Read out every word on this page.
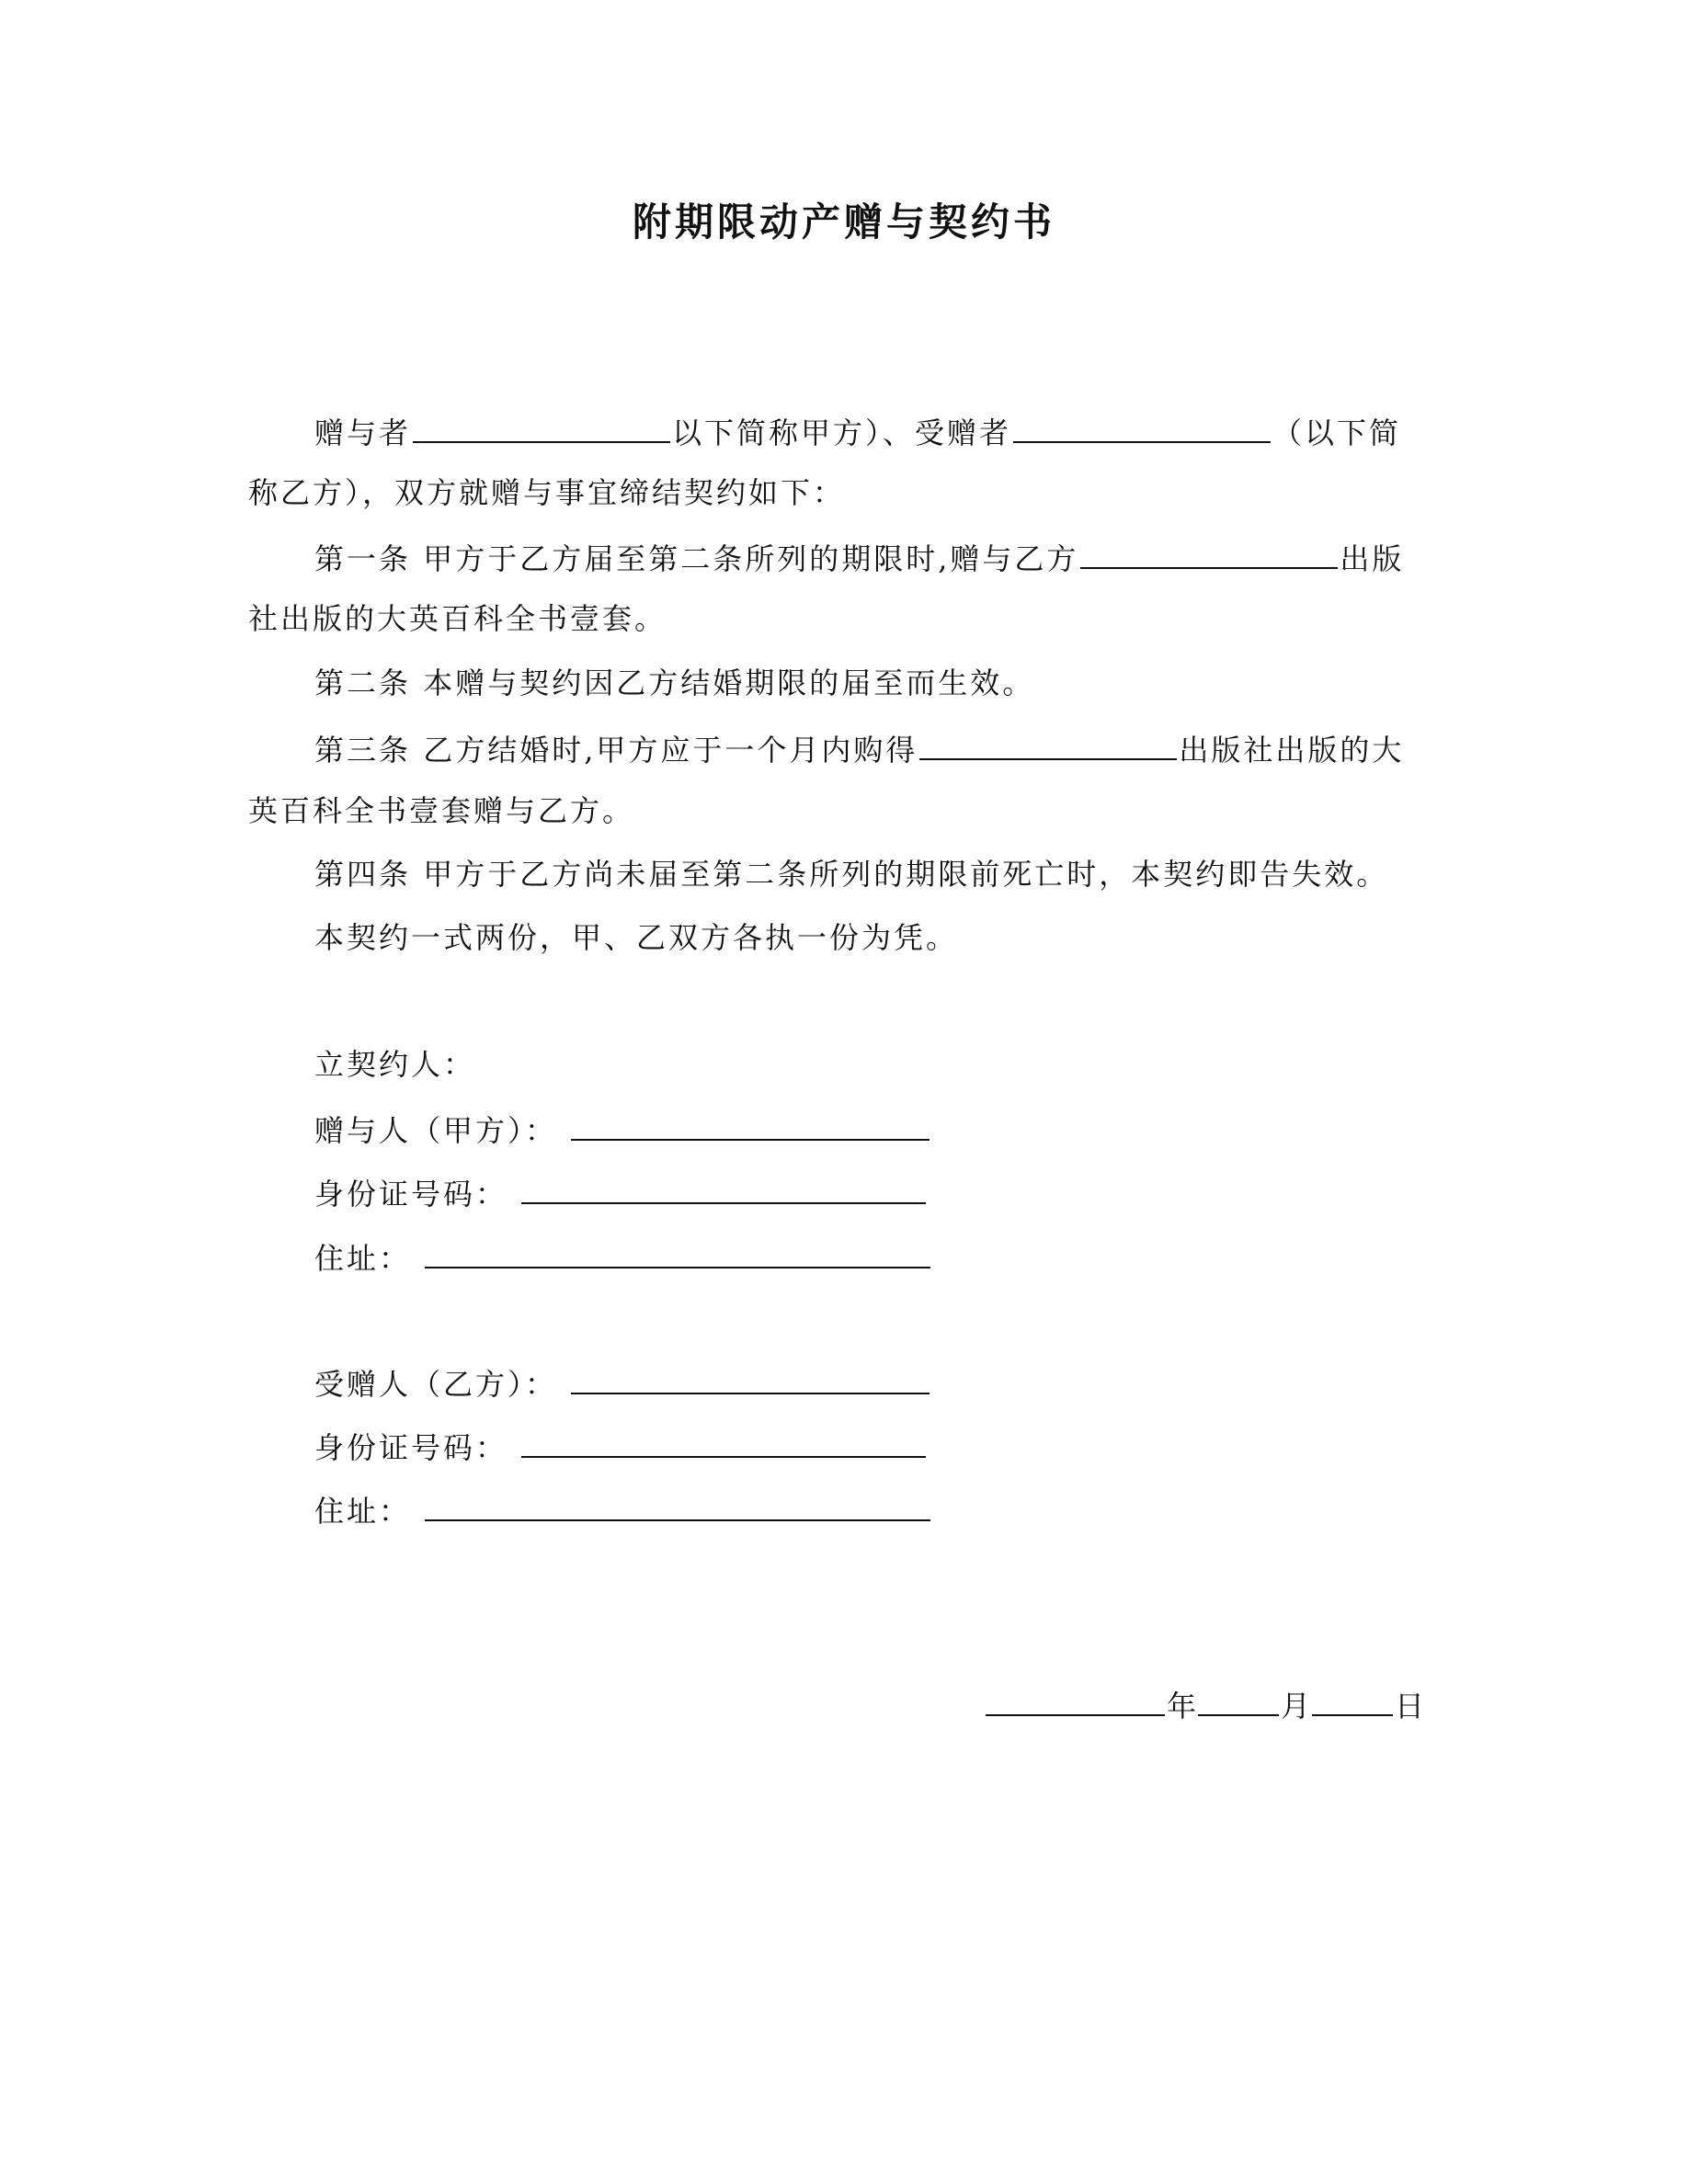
附期限动产赠与契约书
赠与者	以下简称甲方）、受赠者	（以下简
称乙方），双方就赠与事宜缔结契约如下：
第一条 甲方于乙方届至第二条所列的期限时,赠与乙方	出版
社出版的大英百科全书壹套。
第二条 本赠与契约因乙方结婚期限的届至而生效。
第三条 乙方结婚时,甲方应于一个月内购得	出版社出版的大
英百科全书壹套赠与乙方。
第四条 甲方于乙方尚未届至第二条所列的期限前死亡时，本契约即告失效。
本契约一式两份，甲、乙双方各执一份为凭。
立契约人：
赠与人（甲方）：
身份证号码：
住址：
受赠人（乙方）：
身份证号码：
住址：
年	月	日
